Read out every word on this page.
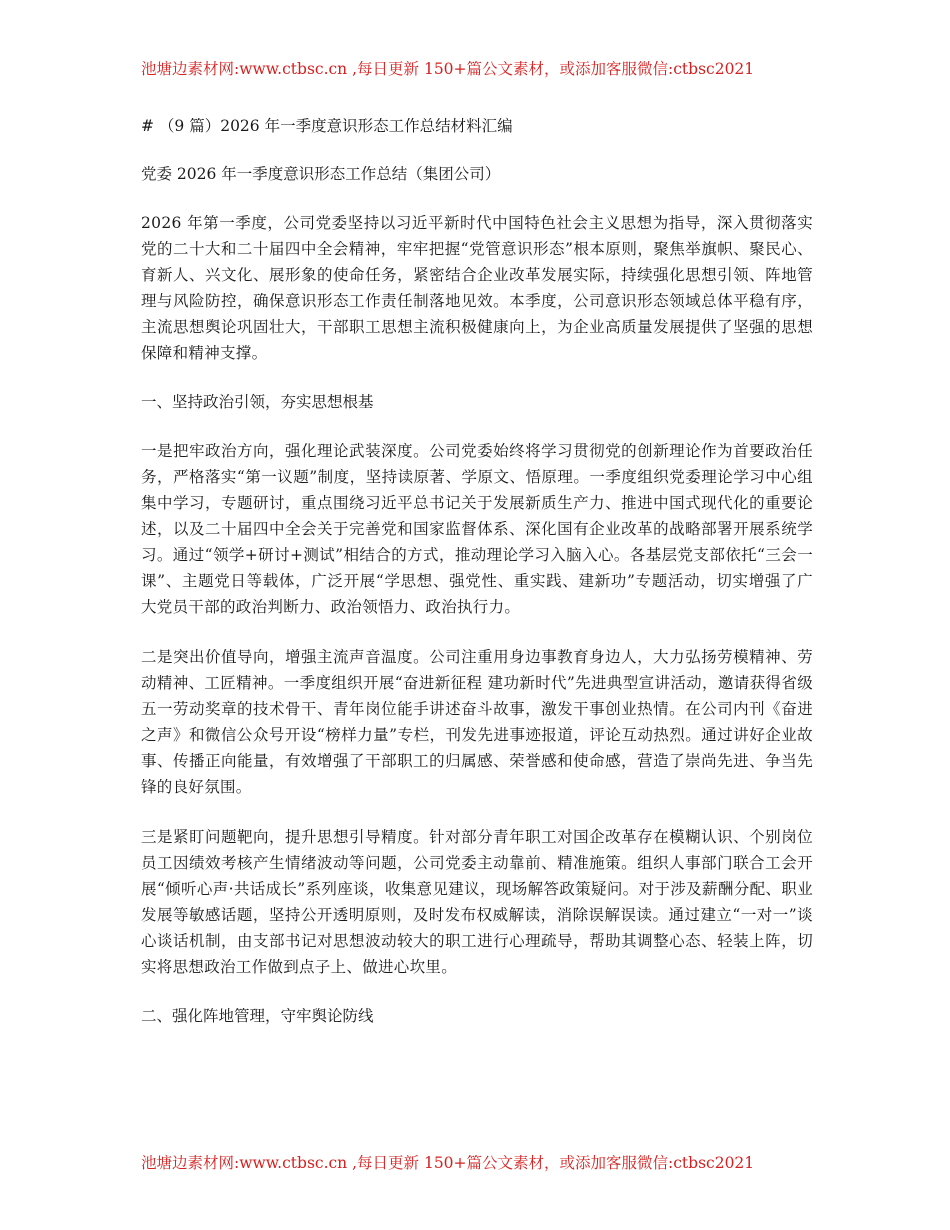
池塘边素材网:www.ctbsc.cn ,每日更新 150+篇公文素材，或添加客服微信:ctbsc2021

# （9 篇）2026 年一季度意识形态工作总结材料汇编

党委 2026 年一季度意识形态工作总结（集团公司）

2026 年第一季度，公司党委坚持以习近平新时代中国特色社会主义思想为指导，深入贯彻落实党的二十大和二十届四中全会精神，牢牢把握“党管意识形态”根本原则，聚焦举旗帜、聚民心、育新人、兴文化、展形象的使命任务，紧密结合企业改革发展实际，持续强化思想引领、阵地管理与风险防控，确保意识形态工作责任制落地见效。本季度，公司意识形态领域总体平稳有序，主流思想舆论巩固壮大，干部职工思想主流积极健康向上，为企业高质量发展提供了坚强的思想保障和精神支撑。

一、坚持政治引领，夯实思想根基

一是把牢政治方向，强化理论武装深度。公司党委始终将学习贯彻党的创新理论作为首要政治任务，严格落实“第一议题”制度，坚持读原著、学原文、悟原理。一季度组织党委理论学习中心组集中学习，专题研讨，重点围绕习近平总书记关于发展新质生产力、推进中国式现代化的重要论述，以及二十届四中全会关于完善党和国家监督体系、深化国有企业改革的战略部署开展系统学习。通过“领学+研讨+测试”相结合的方式，推动理论学习入脑入心。各基层党支部依托“三会一课”、主题党日等载体，广泛开展“学思想、强党性、重实践、建新功”专题活动，切实增强了广大党员干部的政治判断力、政治领悟力、政治执行力。

二是突出价值导向，增强主流声音温度。公司注重用身边事教育身边人，大力弘扬劳模精神、劳动精神、工匠精神。一季度组织开展“奋进新征程 建功新时代”先进典型宣讲活动，邀请获得省级五一劳动奖章的技术骨干、青年岗位能手讲述奋斗故事，激发干事创业热情。在公司内刊《奋进之声》和微信公众号开设“榜样力量”专栏，刊发先进事迹报道，评论互动热烈。通过讲好企业故事、传播正向能量，有效增强了干部职工的归属感、荣誉感和使命感，营造了崇尚先进、争当先锋的良好氛围。

三是紧盯问题靶向，提升思想引导精度。针对部分青年职工对国企改革存在模糊认识、个别岗位员工因绩效考核产生情绪波动等问题，公司党委主动靠前、精准施策。组织人事部门联合工会开展“倾听心声·共话成长”系列座谈，收集意见建议，现场解答政策疑问。对于涉及薪酬分配、职业发展等敏感话题，坚持公开透明原则，及时发布权威解读，消除误解误读。通过建立“一对一”谈心谈话机制，由支部书记对思想波动较大的职工进行心理疏导，帮助其调整心态、轻装上阵，切实将思想政治工作做到点子上、做进心坎里。

二、强化阵地管理，守牢舆论防线

池塘边素材网:www.ctbsc.cn ,每日更新 150+篇公文素材，或添加客服微信:ctbsc2021
